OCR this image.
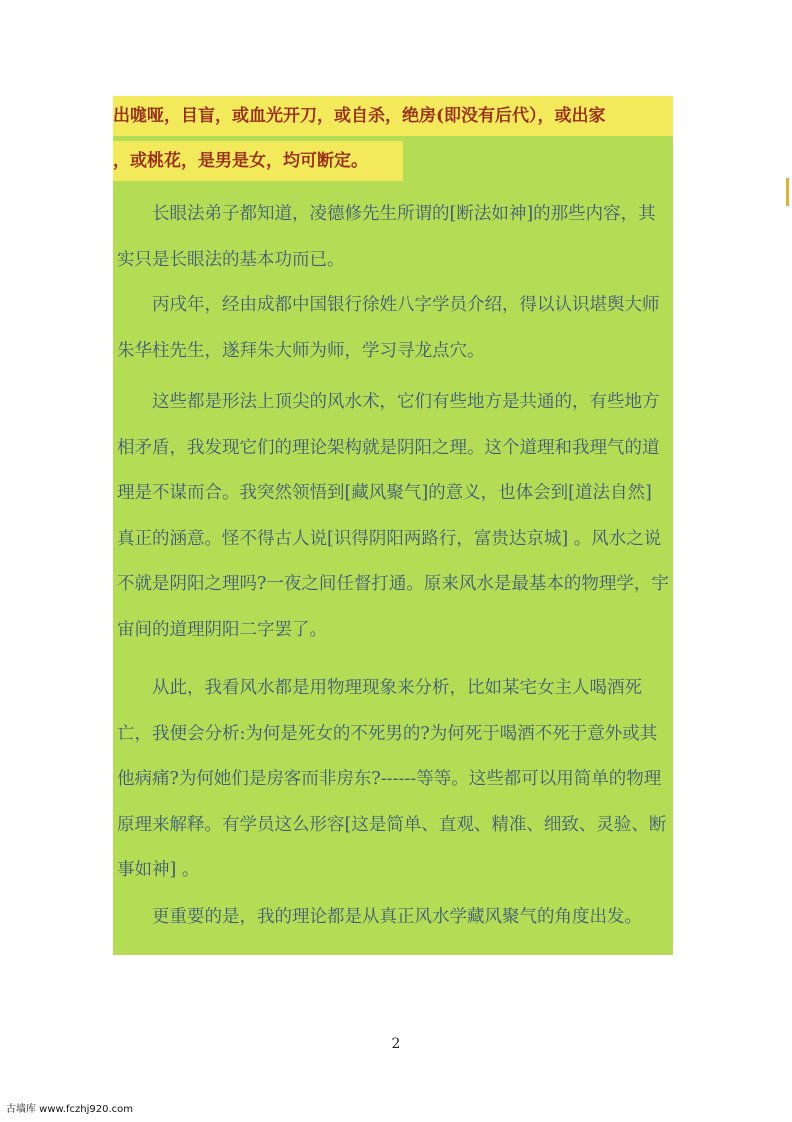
出哤哑，目盲，或血光开刀，或自杀，绝房(即没有后代），或出家
，或桃花，是男是女，均可断定。

长眼法弟子都知道，凌德修先生所谓的[断法如神]的那些内容，其实只是长眼法的基本功而已。

丙戌年，经由成都中国银行徐姓八字学员介绍，得以认识堪舆大师朱华柱先生，遂拜朱大师为师，学习寻龙点穴。

这些都是形法上顶尖的风水术，它们有些地方是共通的，有些地方相矛盾，我发现它们的理论架构就是阴阳之理。这个道理和我理气的道理是不谋而合。我突然领悟到[藏风聚气]的意义，也体会到[道法自然]真正的涵意。怪不得古人说[识得阴阳两路行，富贵达京城] 。风水之说不就是阴阳之理吗?一夜之间任督打通。原来风水是最基本的物理学，宇宙间的道理阴阳二字罢了。

从此，我看风水都是用物理现象来分析，比如某宅女主人喝酒死亡，我便会分析:为何是死女的不死男的?为何死于喝酒不死于意外或其他病痛?为何她们是房客而非房东?------等等。这些都可以用简单的物理原理来解释。有学员这么形容[这是简单、直观、精准、细致、灵验、断事如神] 。

更重要的是，我的理论都是从真正风水学藏风聚气的角度出发。

2
古墙库 www.fczhj920.com
